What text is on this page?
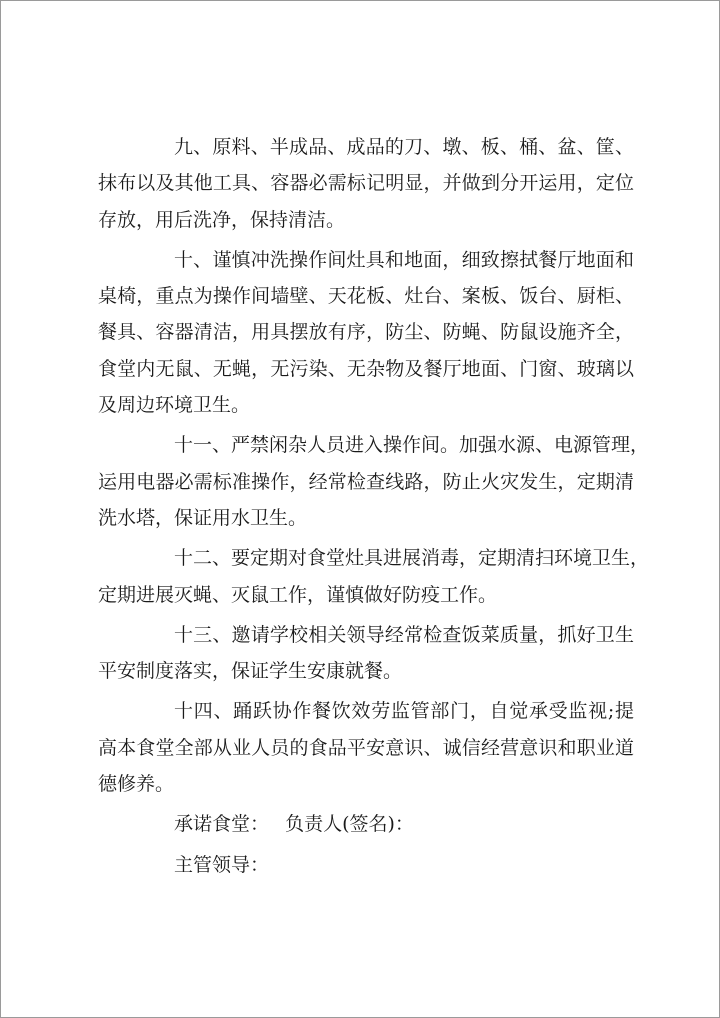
九、原料、半成品、成品的刀、墩、板、桶、盆、筐、
抹布以及其他工具、容器必需标记明显，并做到分开运用，定位
存放，用后洗净，保持清洁。
十、谨慎冲洗操作间灶具和地面，细致擦拭餐厅地面和
桌椅，重点为操作间墙壁、天花板、灶台、案板、饭台、厨柜、
餐具、容器清洁，用具摆放有序，防尘、防蝇、防鼠设施齐全，
食堂内无鼠、无蝇，无污染、无杂物及餐厅地面、门窗、玻璃以
及周边环境卫生。
十一、严禁闲杂人员进入操作间。加强水源、电源管理，
运用电器必需标准操作，经常检查线路，防止火灾发生，定期清
洗水塔，保证用水卫生。
十二、要定期对食堂灶具进展消毒，定期清扫环境卫生，
定期进展灭蝇、灭鼠工作，谨慎做好防疫工作。
十三、邀请学校相关领导经常检查饭菜质量，抓好卫生
平安制度落实，保证学生安康就餐。
十四、踊跃协作餐饮效劳监管部门，自觉承受监视;提
高本食堂全部从业人员的食品平安意识、诚信经营意识和职业道
德修养。
承诺食堂： 负责人(签名)：
主管领导：
